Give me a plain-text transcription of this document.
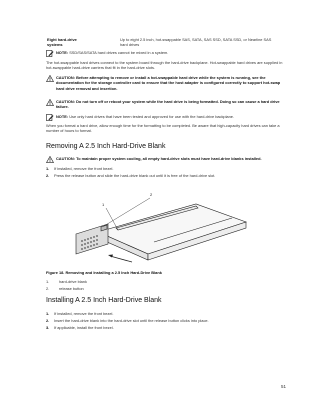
Eight hard-drive systems
Up to eight 2.5 inch, hot-swappable SAS, SATA, SAS SSD, SATA SSD, or Nearline SAS hard drives
NOTE: SSD/SAS/SATA hard drives cannot be mixed in a system.
The hot-swappable hard drives connect to the system board through the hard-drive backplane. Hot-swappable hard drives are supplied in hot-swappable hard-drive carriers that fit in the hard-drive slots.
CAUTION: Before attempting to remove or install a hot-swappable hard drive while the system is running, see the documentation for the storage controller card to ensure that the host adapter is configured correctly to support hot-swap hard drive removal and insertion.
CAUTION: Do not turn off or reboot your system while the hard drive is being formatted. Doing so can cause a hard drive failure.
NOTE: Use only hard drives that have been tested and approved for use with the hard-drive backplane.
When you format a hard drive, allow enough time for the formatting to be completed. Be aware that high-capacity hard drives can take a number of hours to format.
Removing A 2.5 Inch Hard-Drive Blank
CAUTION: To maintain proper system cooling, all empty hard-drive slots must have hard-drive blanks installed.
1. If installed, remove the front bezel.
2. Press the release button and slide the hard-drive blank out until it is free of the hard-drive slot.
1
2
Figure 18. Removing and Installing a 2.5 Inch Hard-Drive Blank
1.	hard-drive blank
2.	release button
Installing A 2.5 Inch Hard-Drive Blank
1. If installed, remove the front bezel.
2. Insert the hard-drive blank into the hard-drive slot until the release button clicks into place.
3. If applicable, install the front bezel.
51
